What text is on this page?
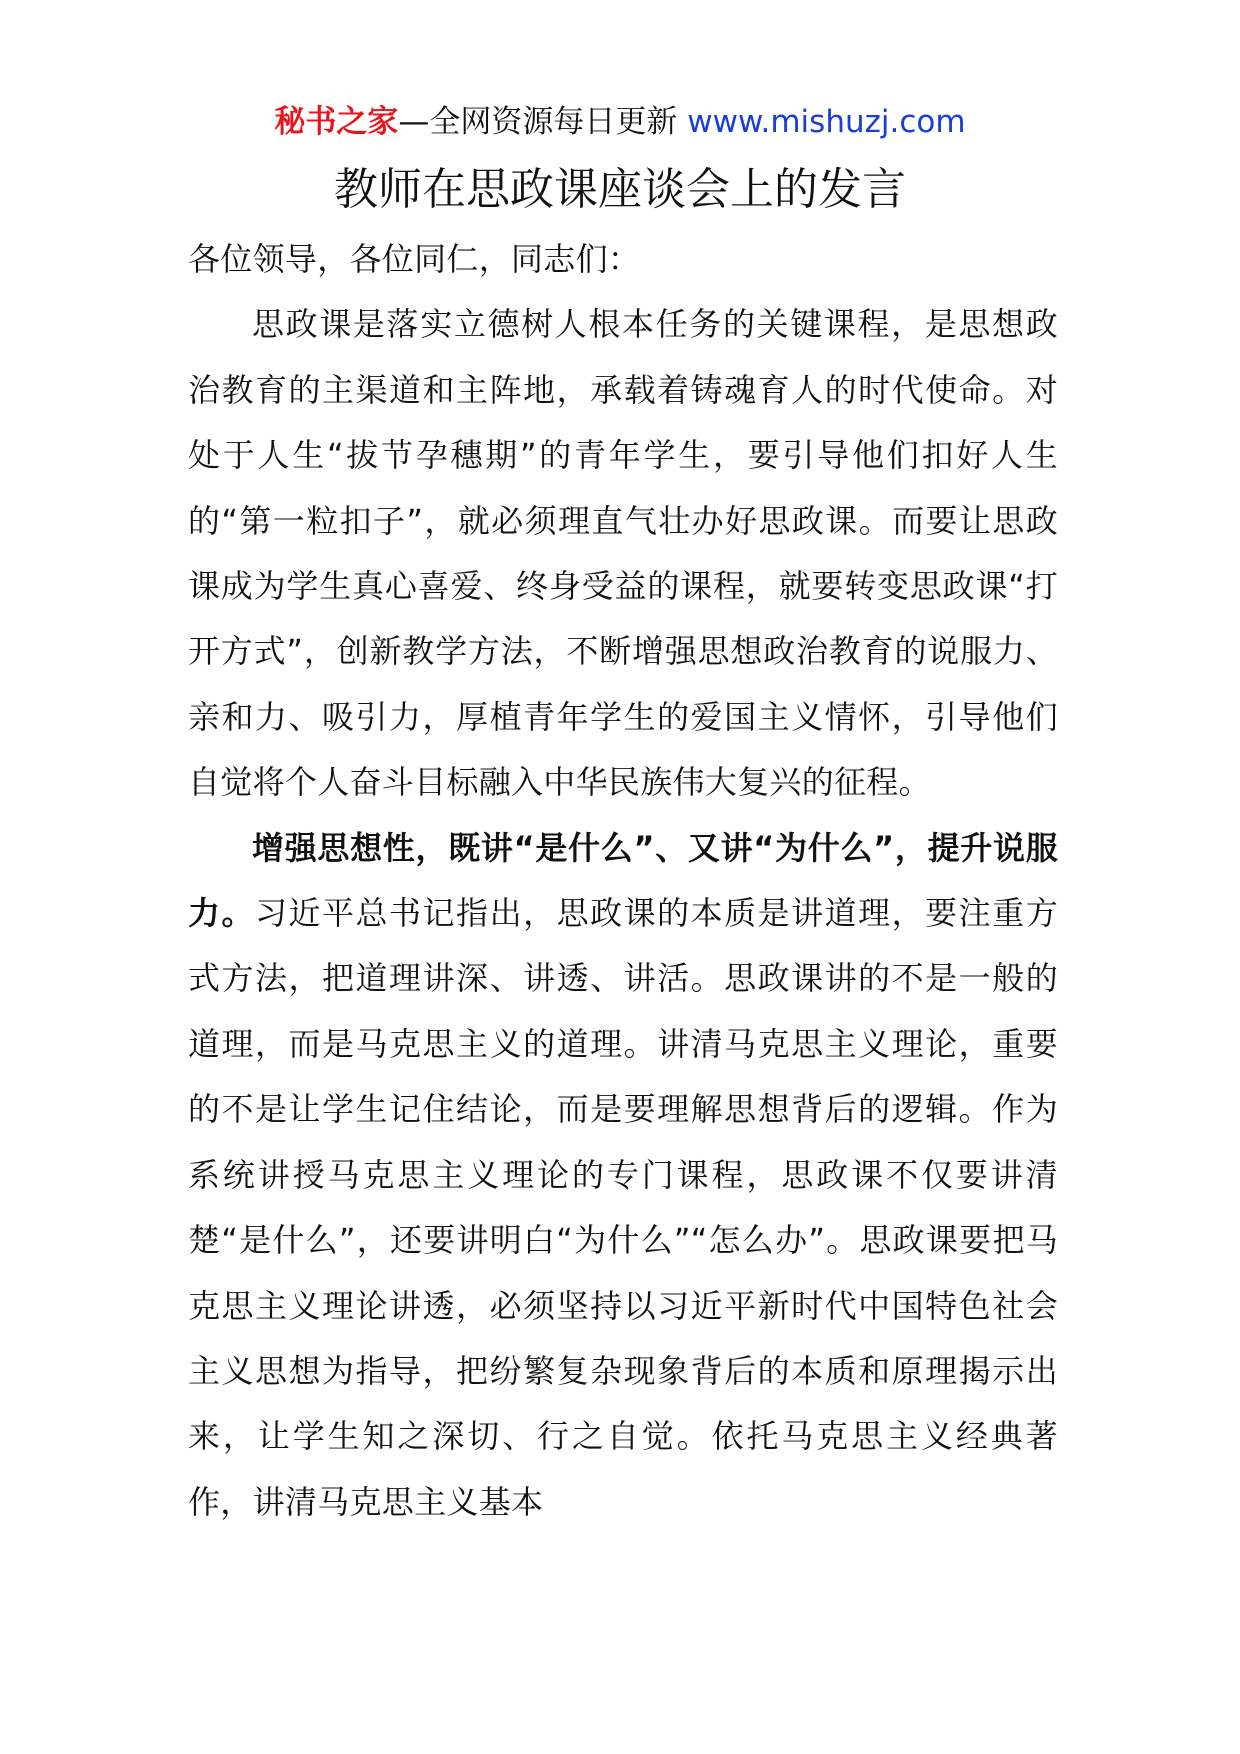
秘书之家—全网资源每日更新 www.mishuzj.com
教师在思政课座谈会上的发言

各位领导，各位同仁，同志们：

思政课是落实立德树人根本任务的关键课程，是思想政治教育的主渠道和主阵地，承载着铸魂育人的时代使命。对处于人生“拔节孕穗期”的青年学生，要引导他们扣好人生的“第一粒扣子”，就必须理直气壮办好思政课。而要让思政课成为学生真心喜爱、终身受益的课程，就要转变思政课“打开方式”，创新教学方法，不断增强思想政治教育的说服力、亲和力、吸引力，厚植青年学生的爱国主义情怀，引导他们自觉将个人奋斗目标融入中华民族伟大复兴的征程。

增强思想性，既讲“是什么”、又讲“为什么”，提升说服力。习近平总书记指出，思政课的本质是讲道理，要注重方式方法，把道理讲深、讲透、讲活。思政课讲的不是一般的道理，而是马克思主义的道理。讲清马克思主义理论，重要的不是让学生记住结论，而是要理解思想背后的逻辑。作为系统讲授马克思主义理论的专门课程，思政课不仅要讲清楚“是什么”，还要讲明白“为什么”“怎么办”。思政课要把马克思主义理论讲透，必须坚持以习近平新时代中国特色社会主义思想为指导，把纷繁复杂现象背后的本质和原理揭示出来，让学生知之深切、行之自觉。依托马克思主义经典著作，讲清马克思主义基本
